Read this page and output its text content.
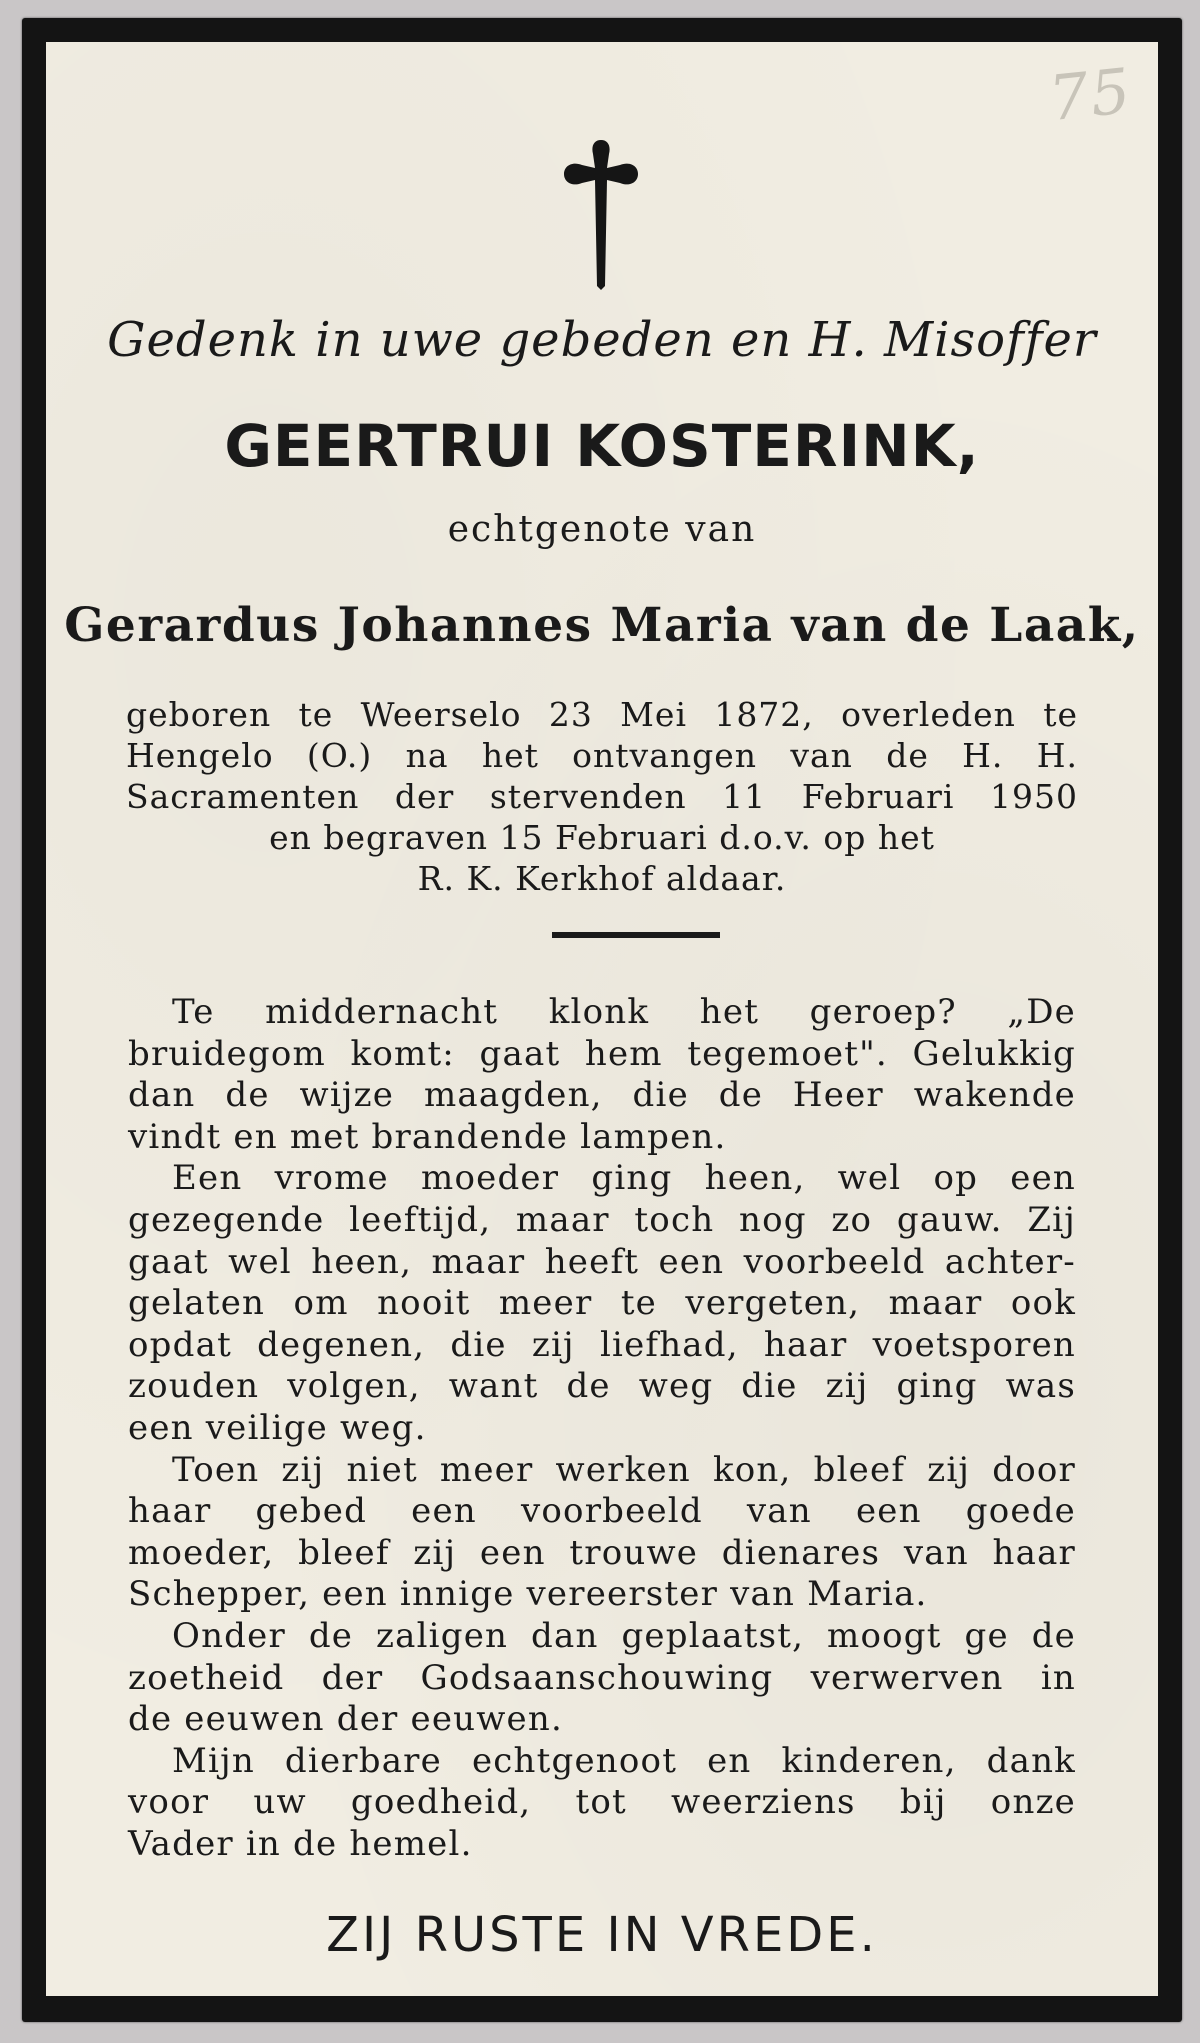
75
Gedenk in uwe gebeden en H. Misoffer
GEERTRUI KOSTERINK,
echtgenote van
Gerardus Johannes Maria van de Laak,
geboren te Weerselo 23 Mei 1872, overleden te
Hengelo (O.) na het ontvangen van de H. H.
Sacramenten der stervenden 11 Februari 1950
en begraven 15 Februari d.o.v. op het
R. K. Kerkhof aldaar.
Te middernacht klonk het geroep? „De
bruidegom komt: gaat hem tegemoet". Gelukkig
dan de wijze maagden, die de Heer wakende
vindt en met brandende lampen.
Een vrome moeder ging heen, wel op een
gezegende leeftijd, maar toch nog zo gauw. Zij
gaat wel heen, maar heeft een voorbeeld achter-
gelaten om nooit meer te vergeten, maar ook
opdat degenen, die zij liefhad, haar voetsporen
zouden volgen, want de weg die zij ging was
een veilige weg.
Toen zij niet meer werken kon, bleef zij door
haar gebed een voorbeeld van een goede
moeder, bleef zij een trouwe dienares van haar
Schepper, een innige vereerster van Maria.
Onder de zaligen dan geplaatst, moogt ge de
zoetheid der Godsaanschouwing verwerven in
de eeuwen der eeuwen.
Mijn dierbare echtgenoot en kinderen, dank
voor uw goedheid, tot weerziens bij onze
Vader in de hemel.
ZIJ RUSTE IN VREDE.
